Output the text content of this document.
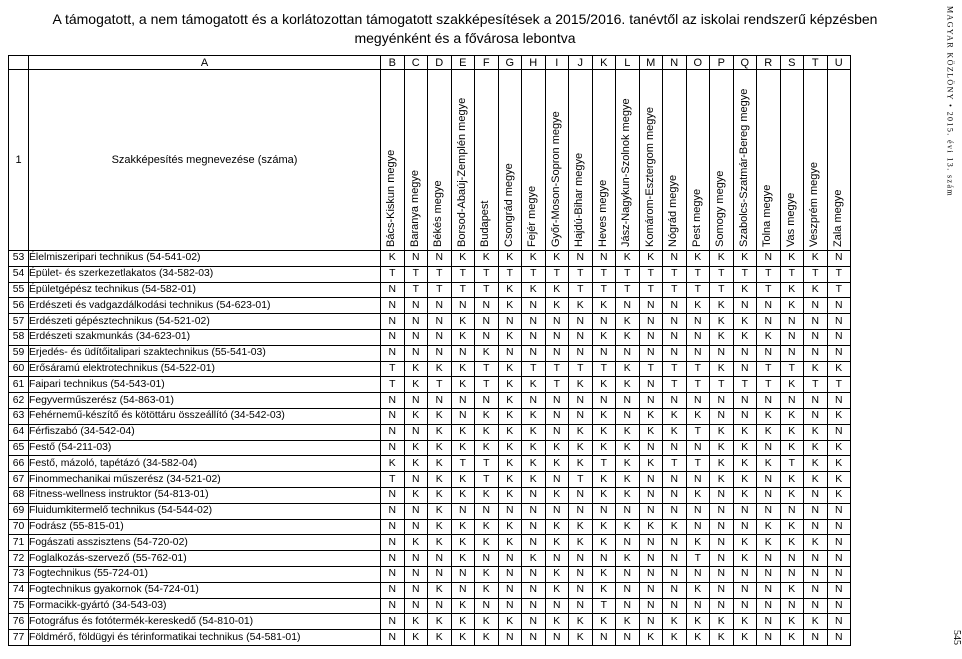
A támogatott, a nem támogatott és a korlátozottan támogatott szakképesítések a 2015/2016. tanévtől az iskolai rendszerű képzésben
megyénként és a fővárosa lebontva
	A	B	C	D	E	F	G	H	I	J	K	L	M	N	O	P	Q	R	S	T	U
1	Szakképesítés megnevezése (száma)	Bács-Kiskun megye	Baranya megye	Békés megye	Borsod-Abaúj-Zemplén megye	Budapest	Csongrád megye	Fejér megye	Győr-Moson-Sopron megye	Hajdú-Bihar megye	Heves megye	Jász-Nagykun-Szolnok megye	Komárom-Esztergom megye	Nógrád megye	Pest megye	Somogy megye	Szabolcs-Szatmár-Bereg megye	Tolna megye	Vas megye	Veszprém megye	Zala megye

53	Élelmiszeripari technikus (54-541-02)	K	N	N	K	K	K	K	K	N	N	K	K	N	K	K	K	N	K	K	N
54	Épület- és szerkezetlakatos (34-582-03)	T	T	T	T	T	T	T	T	T	T	T	T	T	T	T	T	T	T	T	T
55	Épületgépész technikus (54-582-01)	N	T	T	T	T	K	K	K	T	T	T	T	T	T	T	K	T	K	K	T
56	Erdészeti és vadgazdálkodási technikus (54-623-01)	N	N	N	N	N	K	N	K	K	K	N	N	N	K	K	N	N	K	N	N
57	Erdészeti gépésztechnikus (54-521-02)	N	N	N	K	N	N	N	N	N	N	K	N	N	N	K	K	N	N	N	N
58	Erdészeti szakmunkás (34-623-01)	N	N	N	K	N	K	N	N	N	K	K	N	N	N	K	K	K	N	N	N
59	Erjedés- és üdítőitalipari szaktechnikus (55-541-03)	N	N	N	N	K	N	N	N	N	N	N	N	N	N	N	N	N	N	N	N
60	Erősáramú elektrotechnikus (54-522-01)	T	K	K	K	T	K	T	T	T	T	K	T	T	T	K	N	T	T	K	K
61	Faipari technikus (54-543-01)	T	K	T	K	T	K	K	T	K	K	K	N	T	T	T	T	T	K	T	T
62	Fegyverműszerész (54-863-01)	N	N	N	N	N	K	N	N	N	N	N	N	N	N	N	N	N	N	N	N
63	Fehérnemű-készítő és kötöttáru összeállító (34-542-03)	N	K	K	N	K	K	K	N	N	K	N	K	K	K	N	N	K	K	N	K
64	Férfiszabó (34-542-04)	N	N	K	K	K	K	K	N	K	K	K	K	K	T	K	K	K	K	K	N
65	Festő (54-211-03)	N	K	K	K	K	K	K	K	K	K	K	N	N	N	K	K	N	K	K	K
66	Festő, mázoló, tapétázó (34-582-04)	K	K	K	T	T	K	K	K	K	T	K	K	T	T	K	K	K	T	K	K
67	Finommechanikai műszerész (34-521-02)	T	N	K	K	T	K	K	N	T	K	K	N	N	N	K	K	N	K	K	K
68	Fitness-wellness instruktor (54-813-01)	N	K	K	K	K	K	N	K	N	K	K	N	N	K	N	K	N	K	N	K
69	Fluidumkitermelő technikus (54-544-02)	N	N	K	N	N	N	N	N	N	N	N	N	N	N	N	N	N	N	N	N
70	Fodrász (55-815-01)	N	N	K	K	K	K	N	K	K	K	K	K	K	N	N	N	K	K	N	N
71	Fogászati asszisztens (54-720-02)	N	K	K	K	K	K	N	K	K	K	N	N	N	K	N	K	K	K	K	N
72	Foglalkozás-szervező (55-762-01)	N	N	N	K	N	N	K	N	N	N	K	N	N	T	N	K	N	N	N	N
73	Fogtechnikus (55-724-01)	N	N	N	N	K	N	N	K	N	K	N	N	N	N	N	N	N	N	N	N
74	Fogtechnikus gyakornok (54-724-01)	N	N	K	N	K	N	N	K	N	K	N	N	N	K	N	N	N	K	N	N
75	Formacikk-gyártó (34-543-03)	N	N	N	K	N	N	N	N	N	T	N	N	N	N	N	N	N	N	N	N
76	Fotográfus és fotótermék-kereskedő (54-810-01)	N	K	K	K	K	K	N	K	K	K	K	N	K	K	K	K	N	K	K	N
77	Földmérő, földügyi és térinformatikai technikus (54-581-01)	N	K	K	K	K	N	N	N	K	N	N	K	K	K	K	K	N	K	N	N
MAGYAR KÖZLÖNY • 2015. évi 13. szám
545
